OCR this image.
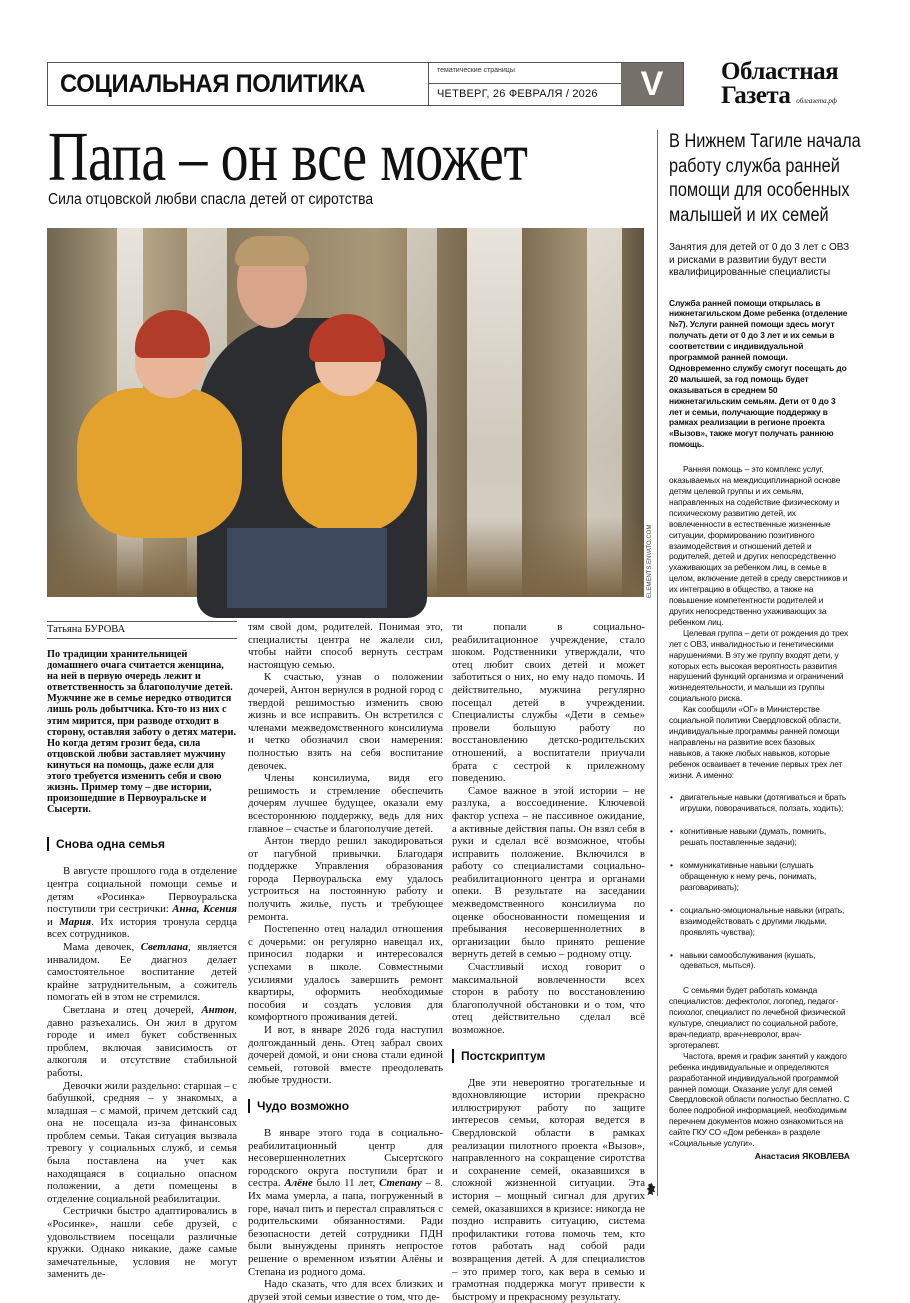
СОЦИАЛЬНАЯ ПОЛИТИКА	тематические страницы
ЧЕТВЕРГ, 26 ФЕВРАЛЯ / 2026	V	Областная
Газета облгазета.рф
Папа – он все может
Сила отцовской любви спасла детей от сиротства
ELEMENTS.ENVATO.COM
Татьяна БУРОВА
По традиции хранительницей домашнего очага считается женщина, на ней в первую очередь лежит и ответственность за благополучие детей. Мужчине же в семье нередко отводится лишь роль добытчика. Кто-то из них с этим мирится, при разводе отходит в сторону, оставляя заботу о детях матери. Но когда детям грозит беда, сила отцовской любви заставляет мужчину кинуться на помощь, даже если для этого требуется изменить себя и свою жизнь. Пример тому – две истории, произошедшие в Первоуральске и Сысерти.
Снова одна семья
В августе прошлого года в отделение центра социальной помощи семье и детям «Росинка» Первоуральска поступили три сестрички: Анна, Ксения и Мария. Их история тронула сердца всех сотрудников.
Мама девочек, Светлана, является инвалидом. Ее диагноз делает самостоятельное воспитание детей крайне затруднительным, а сожитель помогать ей в этом не стремился.
Светлана и отец дочерей, Антон, давно разъехались. Он жил в другом городе и имел букет собственных проблем, включая зависимость от алкоголя и отсутствие стабильной работы.
Девочки жили раздельно: старшая – с бабушкой, средняя – у знакомых, а младшая – с мамой, причем детский сад она не посещала из-за финансовых проблем семьи. Такая ситуация вызвала тревогу у социальных служб, и семья была поставлена на учет как находящаяся в социально опасном положении, а дети помещены в отделение социальной реабилитации.
Сестрички быстро адаптировались в «Росинке», нашли себе друзей, с удовольствием посещали различные кружки. Однако никакие, даже самые замечательные, условия не могут заменить де-
тям свой дом, родителей. Понимая это, специалисты центра не жалели сил, чтобы найти способ вернуть сестрам настоящую семью.
К счастью, узнав о положении дочерей, Антон вернулся в родной город с твердой решимостью изменить свою жизнь и все исправить. Он встретился с членами межведомственного консилиума и четко обозначил свои намерения: полностью взять на себя воспитание девочек.
Члены консилиума, видя его решимость и стремление обеспечить дочерям лучшее будущее, оказали ему всестороннюю поддержку, ведь для них главное – счастье и благополучие детей.
Антон твердо решил закодироваться от пагубной привычки. Благодаря поддержке Управления образования города Первоуральска ему удалось устроиться на постоянную работу и получить жилье, пусть и требующее ремонта.
Постепенно отец наладил отношения с дочерьми: он регулярно навещал их, приносил подарки и интересовался успехами в школе. Совместными усилиями удалось завершить ремонт квартиры, оформить необходимые пособия и создать условия для комфортного проживания детей.
И вот, в январе 2026 года наступил долгожданный день. Отец забрал своих дочерей домой, и они снова стали единой семьей, готовой вместе преодолевать любые трудности.
Чудо возможно
В январе этого года в социально-реабилитационный центр для несовершеннолетних Сысертского городского округа поступили брат и сестра. Алёне было 11 лет, Степану – 8. Их мама умерла, а папа, погруженный в горе, начал пить и перестал справляться с родительскими обязанностями. Ради безопасности детей сотрудники ПДН были вынуждены принять непростое решение о временном изъятии Алёны и Степана из родного дома.
Надо сказать, что для всех близких и друзей этой семьи известие о том, что де-
ти попали в социально-реабилитационное учреждение, стало шоком. Родственники утверждали, что отец любит своих детей и может заботиться о них, но ему надо помочь. И действительно, мужчина регулярно посещал детей в учреждении. Специалисты службы «Дети в семье» провели большую работу по восстановлению детско-родительских отношений, а воспитатели приучали брата с сестрой к прилежному поведению.
Самое важное в этой истории – не разлука, а воссоединение. Ключевой фактор успеха – не пассивное ожидание, а активные действия папы. Он взял себя в руки и сделал всё возможное, чтобы исправить положение. Включился в работу со специалистами социально-реабилитационного центра и органами опеки. В результате на заседании межведомственного консилиума по оценке обоснованности помещения и пребывания несовершеннолетних в организации было принято решение вернуть детей в семью – родному отцу.
Счастливый исход говорит о максимальной вовлеченности всех сторон в работу по восстановлению благополучной обстановки и о том, что отец действительно сделал всё возможное.
Постскриптум
Две эти невероятно трогательные и вдохновляющие истории прекрасно иллюстрируют работу по защите интересов семьи, которая ведется в Свердловской области в рамках реализации пилотного проекта «Вызов», направленного на сокращение сиротства и сохранение семей, оказавшихся в сложной жизненной ситуации. Эта история – мощный сигнал для других семей, оказавшихся в кризисе: никогда не поздно исправить ситуацию, система профилактики готова помочь тем, кто готов работать над собой ради возвращения детей. А для специалистов – это пример того, как вера в семью и грамотная поддержка могут привести к быстрому и прекрасному результату.
В Нижнем Тагиле начала
работу служба ранней
помощи для особенных
малышей и их семей
Занятия для детей от 0 до 3 лет с ОВЗ и рисками в развитии будут вести квалифицированные специалисты
Служба ранней помощи открылась в нижнетагильском Доме ребенка (отделение №7). Услуги ранней помощи здесь могут получать дети от 0 до 3 лет и их семьи в соответствии с индивидуальной программой ранней помощи. Одновременно службу смогут посещать до 20 малышей, за год помощь будет оказываться в среднем 50 нижнетагильским семьям. Дети от 0 до 3 лет и семьи, получающие поддержку в рамках реализации в регионе проекта «Вызов», также могут получать раннюю помощь.
Ранняя помощь – это комплекс услуг, оказываемых на междисциплинарной основе детям целевой группы и их семьям, направленных на содействие физическому и психическому развитию детей, их вовлеченности в естественные жизненные ситуации, формированию позитивного взаимодействия и отношений детей и родителей, детей и других непосредственно ухаживающих за ребенком лиц, в семье в целом, включение детей в среду сверстников и их интеграцию в общество, а также на повышение компетентности родителей и других непосредственно ухаживающих за ребенком лиц.
Целевая группа – дети от рождения до трех лет с ОВЗ, инвалидностью и генетическими нарушениями. В эту же группу входят дети, у которых есть высокая вероятность развития нарушений функций организма и ограничений жизнедеятельности, и малыши из группы социального риска.
Как сообщили «ОГ» в Министерстве социальной политики Свердловской области, индивидуальные программы ранней помощи направлены на развитие всех базовых навыков, а также любых навыков, которые ребенок осваивает в течение первых трех лет жизни. А именно:
• двигательные навыки (дотягиваться и брать игрушки, поворачиваться, ползать, ходить);
• когнитивные навыки (думать, помнить, решать поставленные задачи);
• коммуникативные навыки (слушать обращенную к нему речь, понимать, разговаривать);
• социально-эмоциональные навыки (играть, взаимодействовать с другими людьми, проявлять чувства);
• навыки самообслуживания (кушать, одеваться, мыться).
С семьями будет работать команда специалистов: дефектолог, логопед, педагог-психолог, специалист по лечебной физической культуре, специалист по социальной работе, врач-педиатр, врач-невролог, врач-эрготерапевт.
Частота, время и график занятий у каждого ребенка индивидуальные и определяются разработанной индивидуальной программой ранней помощи. Оказание услуг для семей Свердловской области полностью бесплатно. С более подробной информацией, необходимым перечнем документов можно ознакомиться на сайте ГКУ СО «Дом ребенка» в разделе «Социальные услуги».
Анастасия ЯКОВЛЕВА
